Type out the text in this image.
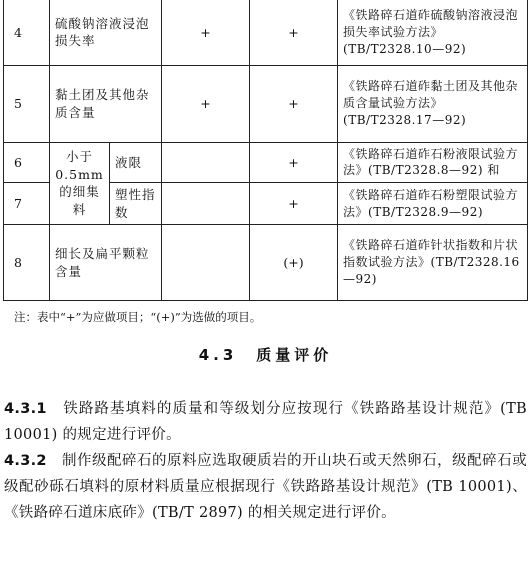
4	硫酸钠溶液浸泡损失率		+	+	《铁路碎石道砟硫酸钠溶液浸泡损失率试验方法》(TB/T2328.10—92)
5	黏土团及其他杂质含量		+	+	《铁路碎石道砟黏土团及其他杂质含量试验方法》(TB/T2328.17—92)
6	小于0.5mm的细集料	液限		+	《铁路碎石道砟石粉液限试验方法》(TB/T2328.8—92) 和
7		塑性指数		+	《铁路碎石道砟石粉塑限试验方法》(TB/T2328.9—92)
8	细长及扁平颗粒含量			(+)	《铁路碎石道砟针状指数和片状指数试验方法》(TB/T2328.16—92)

注：表中“+”为应做项目；“(+)”为选做的项目。

4.3　 质量评价

4.3.1　 铁路路基填料的质量和等级划分应按现行《铁路路基设计规范》(TB 10001) 的规定进行评价。

4.3.2　 制作级配碎石的原料应选取硬质岩的开山块石或天然卵石，级配碎石或级配砂砾石填料的原材料质量应根据现行《铁路路基设计规范》(TB 10001)、《铁路碎石道床底砟》(TB/T 2897) 的相关规定进行评价。
